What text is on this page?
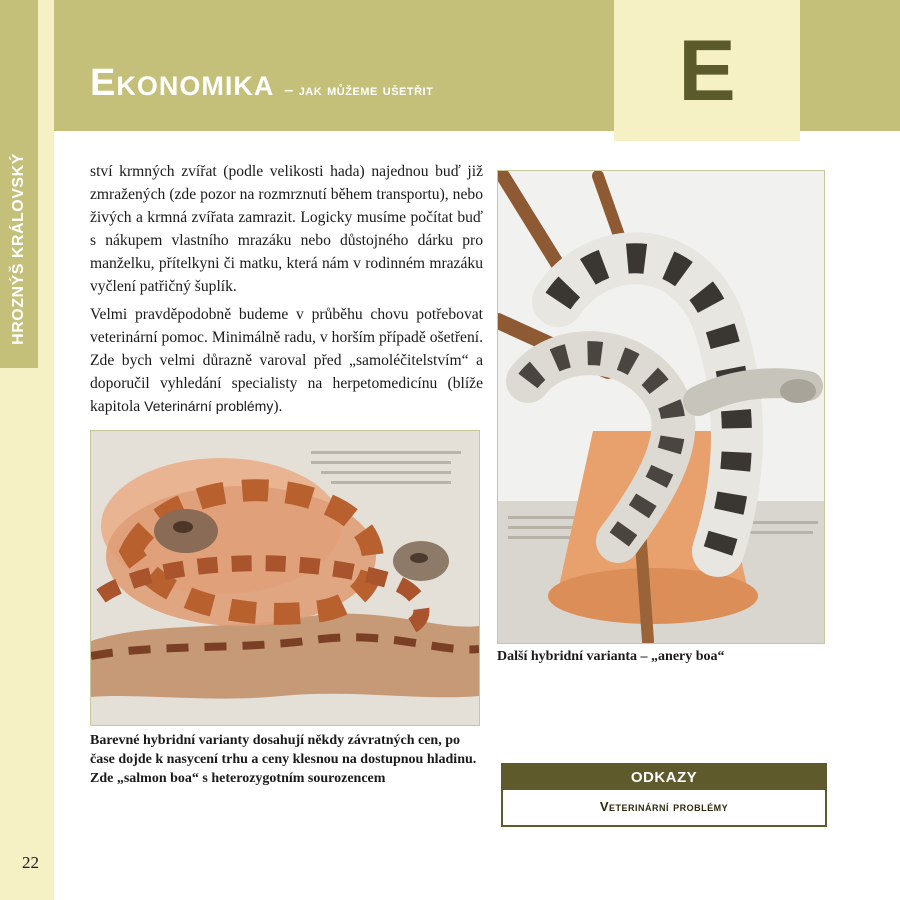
HROZNÝŠ KRÁLOVSKÝ
E
Ekonomika – jak můžeme ušetřit

ství krmných zvířat (podle velikosti hada) najednou buď již zmražených (zde pozor na rozmrznutí během transportu), nebo živých a krmná zvířata zamrazit. Logicky musíme počítat buď s nákupem vlastního mrazáku nebo důstojného dárku pro manželku, přítelkyni či matku, která nám v rodinném mrazáku vyčlení patřičný šuplík.

Velmi pravděpodobně budeme v průběhu chovu potřebovat veterinární pomoc. Minimálně radu, v horším případě ošetření. Zde bych velmi důrazně varoval před „samoléčitelstvím“ a doporučil vyhledání specialisty na herpetomedicínu (blíže kapitola Veterinární problémy).

Barevné hybridní varianty dosahují někdy závratných cen, po čase dojde k nasycení trhu a ceny klesnou na dostupnou hladinu. Zde „salmon boa“ s heterozygotním sourozencem

Další hybridní varianta – „anery boa“

ODKAZY
Veterinární problémy
22
